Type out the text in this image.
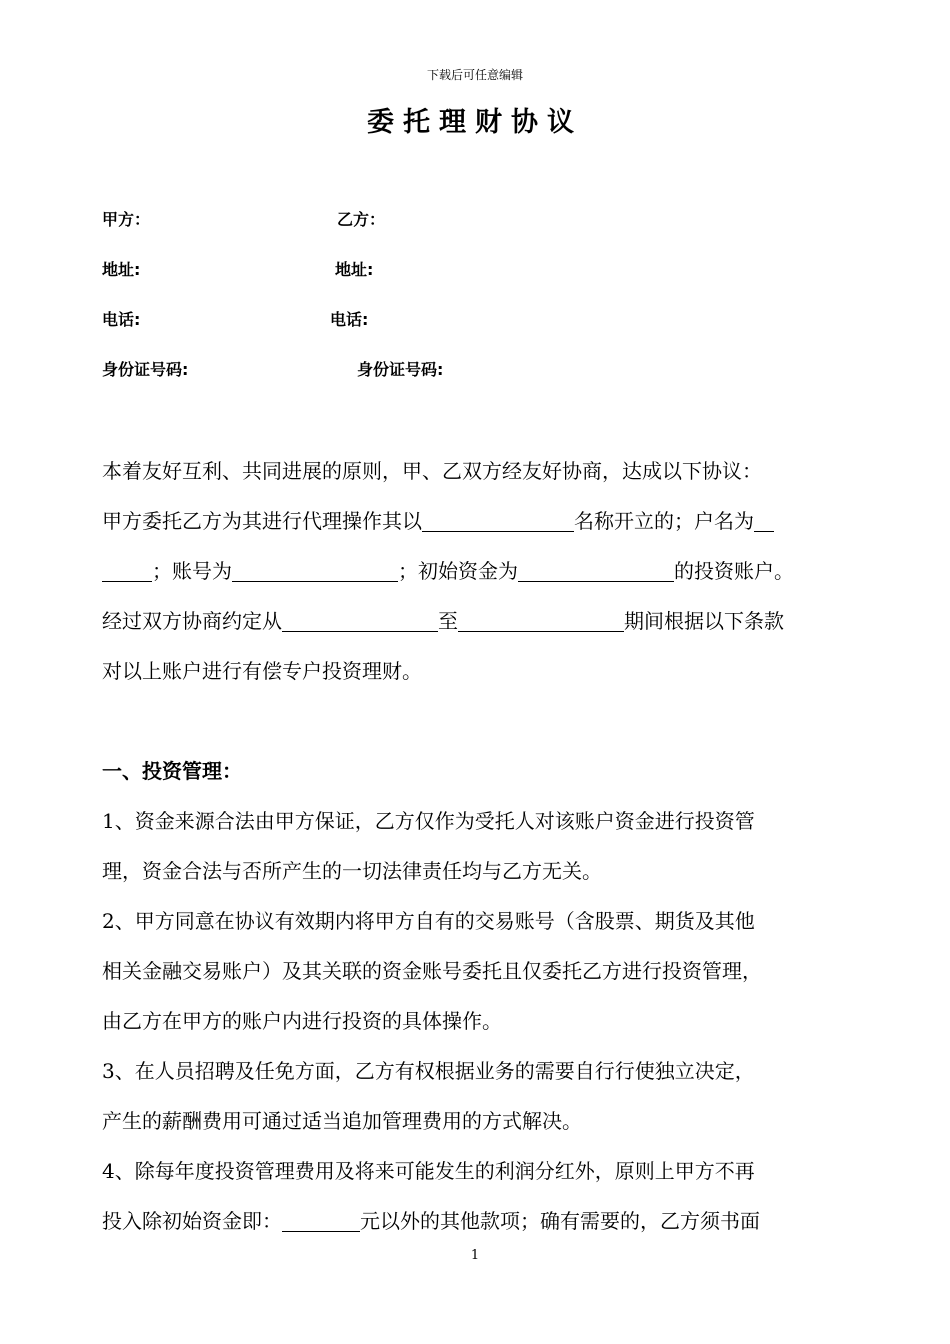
下载后可任意编辑
委托理财协议
甲方：	乙方：
地址:	地址:
电话:	电话:
身份证号码:	身份证号码:
本着友好互利、共同进展的原则，甲、乙双方经友好协商，达成以下协议：
甲方委托乙方为其进行代理操作其以	名称开立的；户名为
；账号为	；初始资金为	的投资账户。
经过双方协商约定从	至	期间根据以下条款
对以上账户进行有偿专户投资理财。
一、投资管理：
1、资金来源合法由甲方保证，乙方仅作为受托人对该账户资金进行投资管
理，资金合法与否所产生的一切法律责任均与乙方无关。
2、甲方同意在协议有效期内将甲方自有的交易账号（含股票、期货及其他
相关金融交易账户）及其关联的资金账号委托且仅委托乙方进行投资管理，
由乙方在甲方的账户内进行投资的具体操作。
3、在人员招聘及任免方面，乙方有权根据业务的需要自行行使独立决定，
产生的薪酬费用可通过适当追加管理费用的方式解决。
4、除每年度投资管理费用及将来可能发生的利润分红外，原则上甲方不再
投入除初始资金即：	元以外的其他款项；确有需要的，乙方须书面
1
